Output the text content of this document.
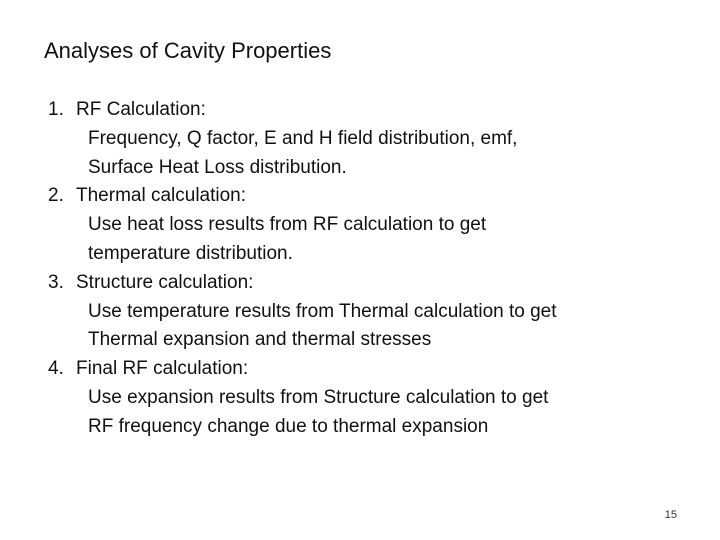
Analyses of Cavity Properties
1. RF Calculation:
Frequency, Q factor, E and H field distribution, emf,
Surface Heat Loss distribution.
2. Thermal calculation:
Use heat loss results from RF calculation to get
temperature distribution.
3. Structure calculation:
Use temperature results from Thermal calculation to get
Thermal expansion and thermal stresses
4. Final RF calculation:
Use expansion results from Structure calculation to get
RF frequency change due to thermal expansion
15
